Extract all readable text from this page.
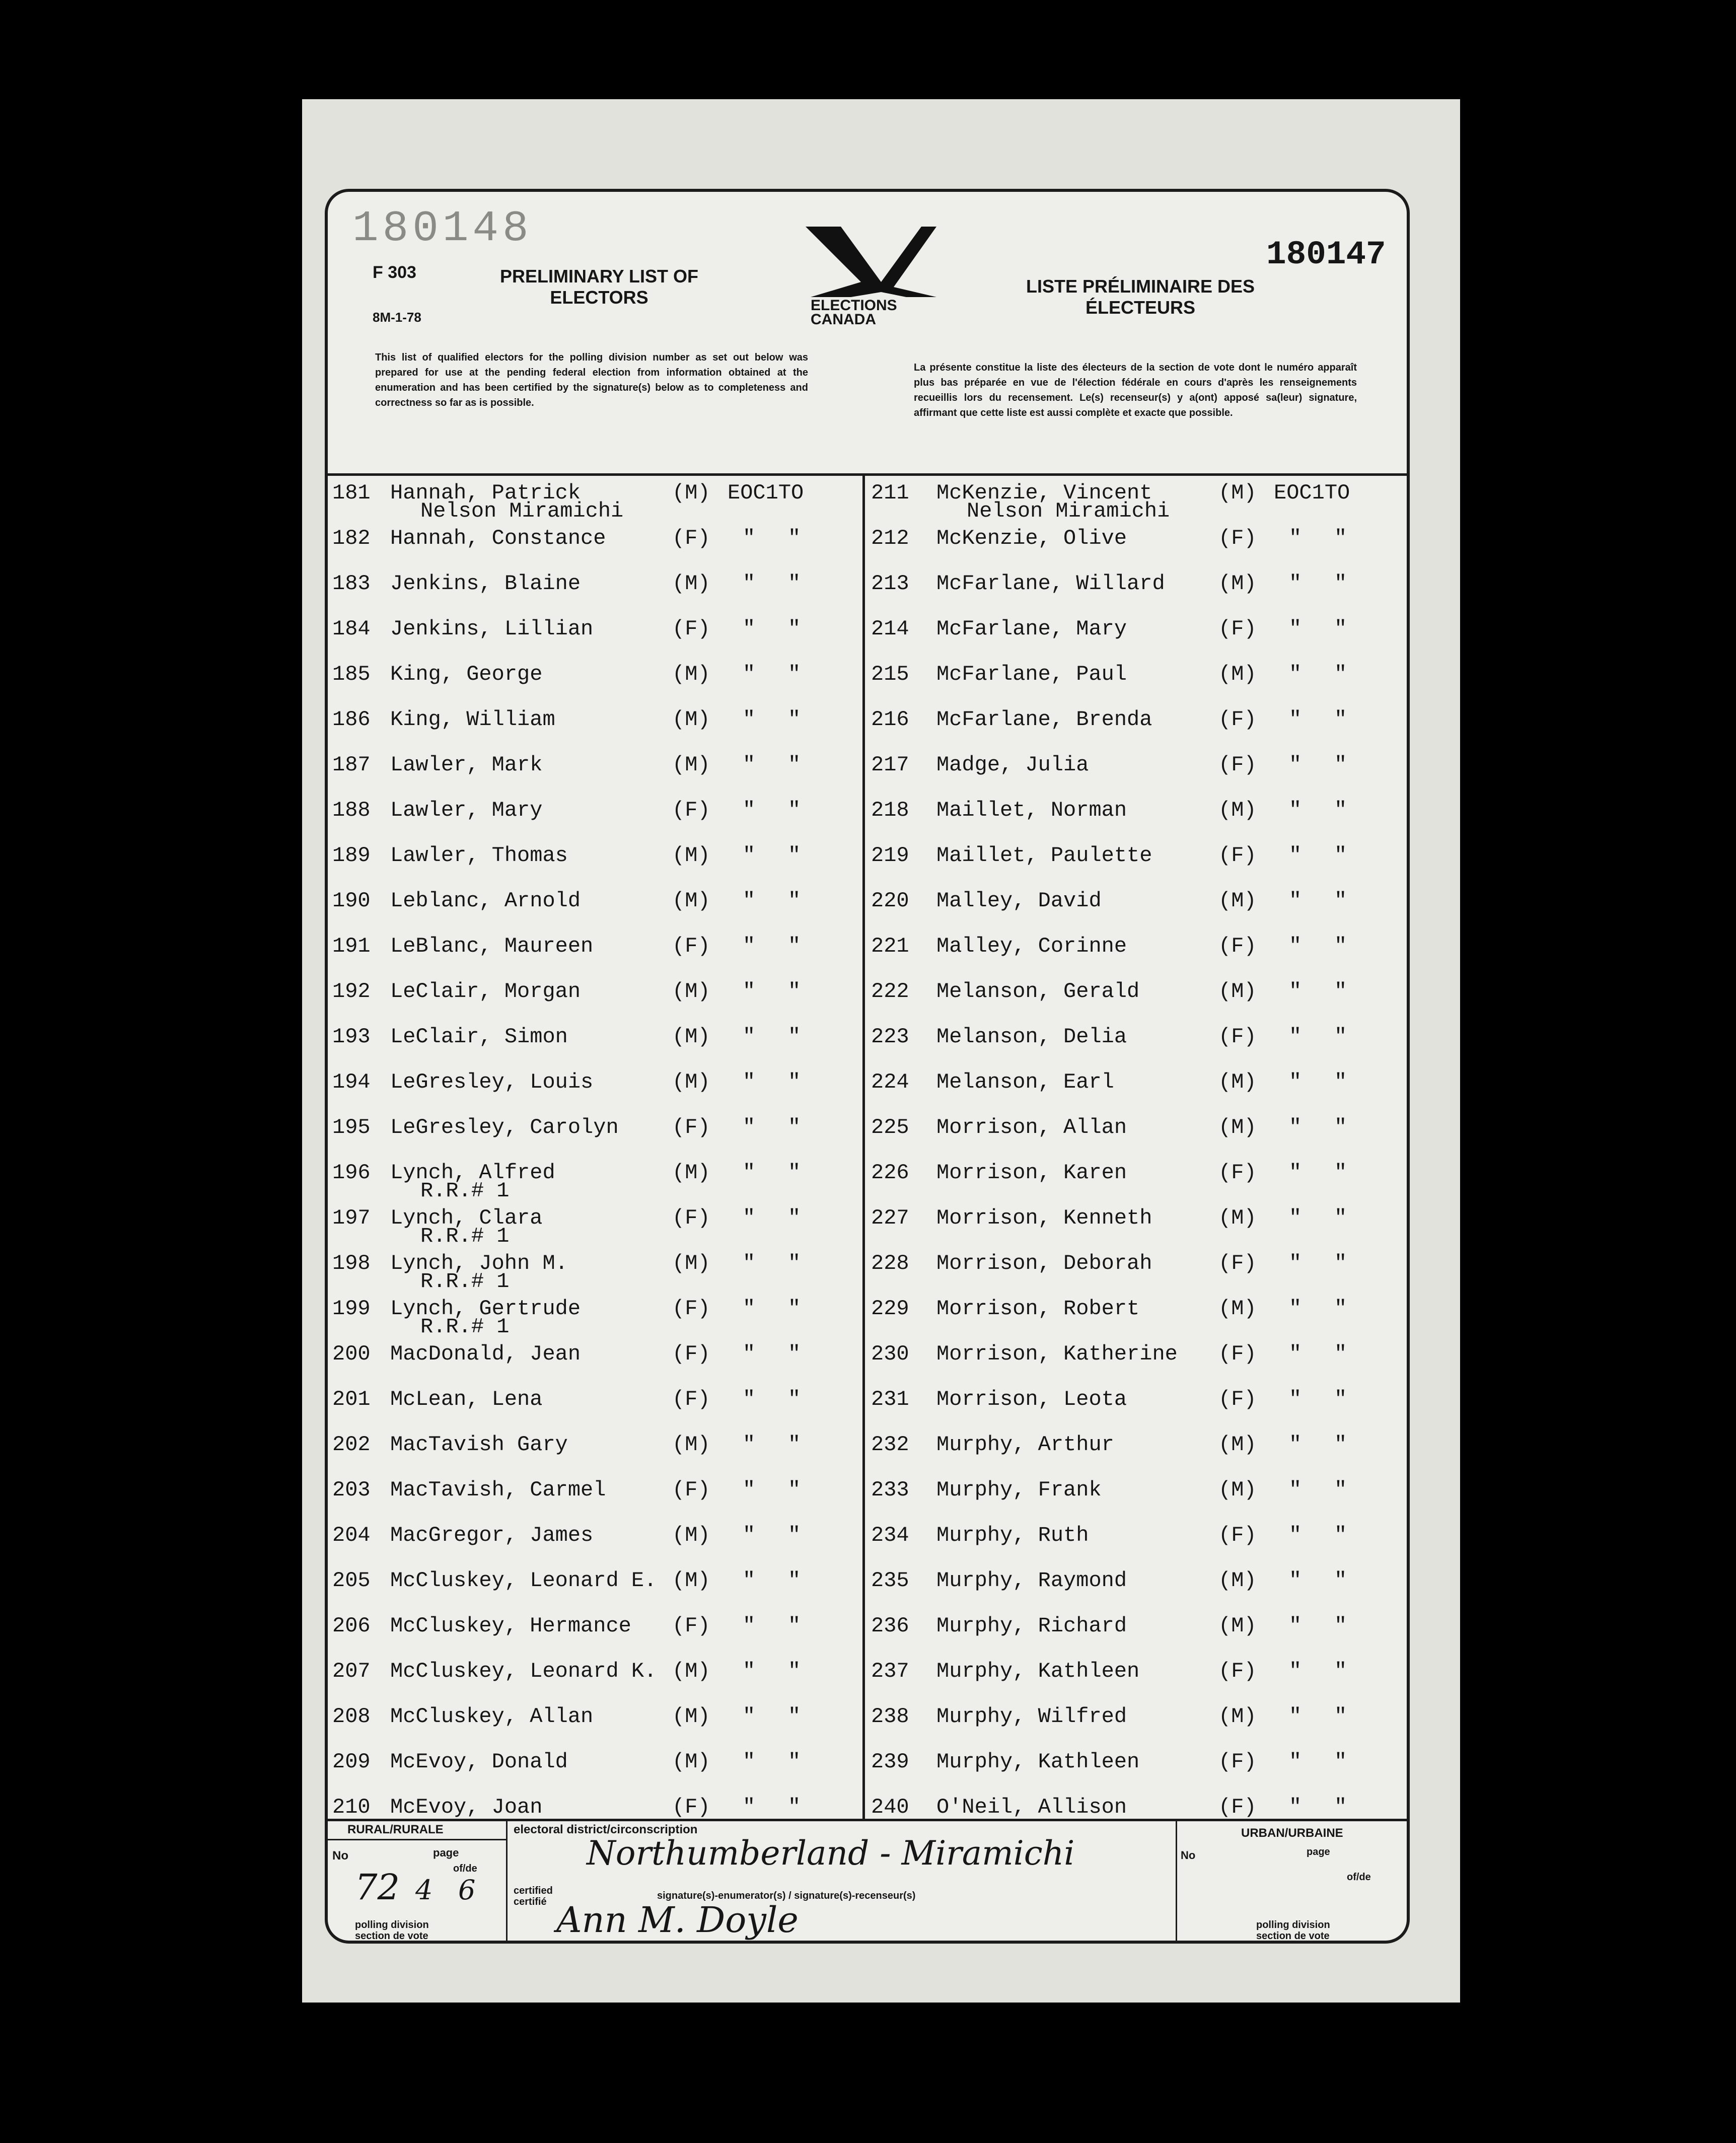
180148
180147
F 303
8M-1-78
PRELIMINARY LIST OF
ELECTORS	ELECTIONS
CANADA
LISTE PRÉLIMINAIRE DES
ÉLECTEURS
This list of qualified electors for the polling division number as set out below was prepared for use at the pending federal election from information obtained at the enumeration and has been certified by the signature(s) below as to completeness and correctness so far as is possible.
La présente constitue la liste des électeurs de la section de vote dont le numéro apparaît plus bas préparée en vue de l'élection fédérale en cours d'après les renseignements recueillis lors du recensement. Le(s) recenseur(s) y a(ont) apposé sa(leur) signature, affirmant que cette liste est aussi complète et exacte que possible.
181 Hannah, Patrick	(M) EOC1TO
Nelson Miramichi
182 Hannah, Constance	(F) " "
183 Jenkins, Blaine	(M) " "
184 Jenkins, Lillian	(F) " "
185 King, George	(M) " "
186 King, William	(M) " "
187 Lawler, Mark	(M) " "
188 Lawler, Mary	(F) " "
189 Lawler, Thomas	(M) " "
190 Leblanc, Arnold	(M) " "
191 LeBlanc, Maureen	(F) " "
192 LeClair, Morgan	(M) " "
193 LeClair, Simon	(M) " "
194 LeGresley, Louis	(M) " "
195 LeGresley, Carolyn	(F) " "
196 Lynch, Alfred	(M) " "
R.R.# 1
197 Lynch, Clara	(F) " "
R.R.# 1
198 Lynch, John M.	(M) " "
R.R.# 1
199 Lynch, Gertrude	(F) " "
R.R.# 1
200 MacDonald, Jean	(F) " "
201 McLean, Lena	(F) " "
202 MacTavish Gary	(M) " "
203 MacTavish, Carmel	(F) " "
204 MacGregor, James	(M) " "
205 McCluskey, Leonard E. (M) " "
206 McCluskey, Hermance (F) " "
207 McCluskey, Leonard K. (M) " "
208 McCluskey, Allan	(M) " "
209 McEvoy, Donald	(M) " "
210 McEvoy, Joan	(F) " "
211 McKenzie, Vincent	(M) EOC1TO
Nelson Miramichi
212 McKenzie, Olive	(F) " "
213 McFarlane, Willard	(M) " "
214 McFarlane, Mary	(F) " "
215 McFarlane, Paul	(M) " "
216 McFarlane, Brenda	(F) " "
217 Madge, Julia	(F) " "
218 Maillet, Norman	(M) " "
219 Maillet, Paulette	(F) " "
220 Malley, David	(M) " "
221 Malley, Corinne	(F) " "
222 Melanson, Gerald	(M) " "
223 Melanson, Delia	(F) " "
224 Melanson, Earl	(M) " "
225 Morrison, Allan	(M) " "
226 Morrison, Karen	(F) " "
227 Morrison, Kenneth	(M) " "
228 Morrison, Deborah	(F) " "
229 Morrison, Robert	(M) " "
230 Morrison, Katherine (F) " "
231 Morrison, Leota	(F) " "
232 Murphy, Arthur	(M) " "
233 Murphy, Frank	(M) " "
234 Murphy, Ruth	(F) " "
235 Murphy, Raymond	(M) " "
236 Murphy, Richard	(M) " "
237 Murphy, Kathleen	(F) " "
238 Murphy, Wilfred	(M) " "
239 Murphy, Kathleen	(F) " "
240 O'Neil, Allison	(F) " "
RURAL/RURALE	electoral district/circonscription
No	page
of/de
72 4 6	certified
certifié
polling division
section de vote
Northumberland - Miramichi
signature(s)-enumerator(s) / signature(s)-recenseur(s)
Ann M. Doyle
URBAN/URBAINE
No	page
of/de
polling division
section de vote
